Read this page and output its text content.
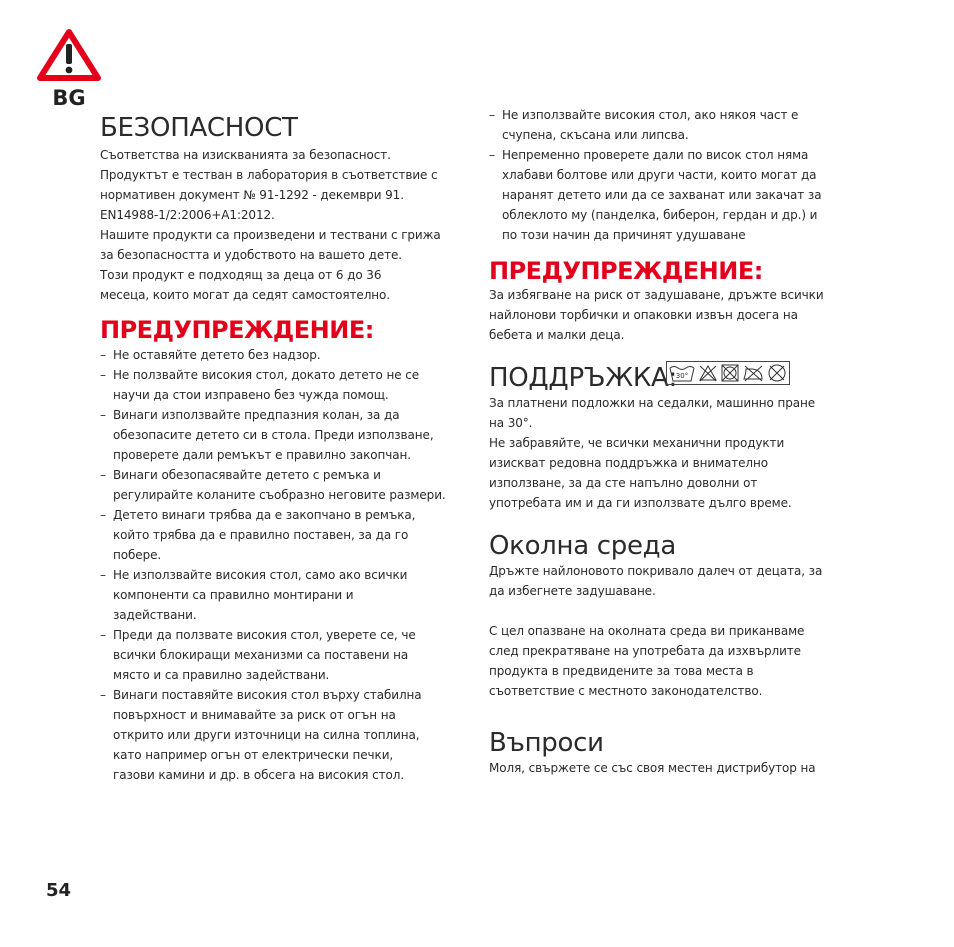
BG
БЕЗОПАСНОСТ

Съответства на изискванията за безопасност.

Продуктът е тестван в лаборатория в съответствие с

нормативен документ № 91-1292 - декември 91.

EN14988-1/2:2006+A1:2012.

Нашите продукти са произведени и тествани с грижа

за безопасността и удобството на вашето дете.

Този продукт е подходящ за деца от 6 до 36

месеца, които могат да седят самостоятелно.

ПРЕДУПРЕЖДЕНИЕ:
– Не оставяйте детето без надзор.
– Не ползвайте високия стол, докато детето не се
научи да стои изправено без чужда помощ.
– Винаги използвайте предпазния колан, за да
обезопасите детето си в стола. Преди използване,
проверете дали ремъкът е правилно закопчан.
– Винаги обезопасявайте детето с ремъка и
регулирайте коланите съобразно неговите размери.
– Детето винаги трябва да е закопчано в ремъка,
който трябва да е правилно поставен, за да го
побере.
– Не използвайте високия стол, само ако всички
компоненти са правилно монтирани и
задействани.
– Преди да ползвате високия стол, уверете се, че
всички блокиращи механизми са поставени на
място и са правилно задействани.
– Винаги поставяйте високия стол върху стабилна
повърхност и внимавайте за риск от огън на
открито или други източници на силна топлина,
като например огън от електрически печки,
газови камини и др. в обсега на високия стол.
– Не използвайте високия стол, ако някоя част е
счупена, скъсана или липсва.
– Непременно проверете дали по висок стол няма
хлабави болтове или други части, които могат да
наранят детето или да се захванат или закачат за
облеклото му (панделка, биберон, гердан и др.) и
по този начин да причинят удушаване
ПРЕДУПРЕЖДЕНИЕ:

За избягване на риск от задушаване, дръжте всички

найлонови торбички и опаковки извън досега на

бебета и малки деца.

ПОДДРЪЖКА:
30°

За платнени подложки на седалки, машинно пране

на 30°.

Не забравяйте, че всички механични продукти

изискват редовна поддръжка и внимателно

използване, за да сте напълно доволни от

употребата им и да ги използвате дълго време.

Околна среда

Дръжте найлоновото покривало далеч от децата, за

да избегнете задушаване.

С цел опазване на околната среда ви приканваме

след прекратяване на употребата да изхвърлите

продукта в предвидените за това места в

съответствие с местното законодателство.

Въпроси

Моля, свържете се със своя местен дистрибутор на

54
